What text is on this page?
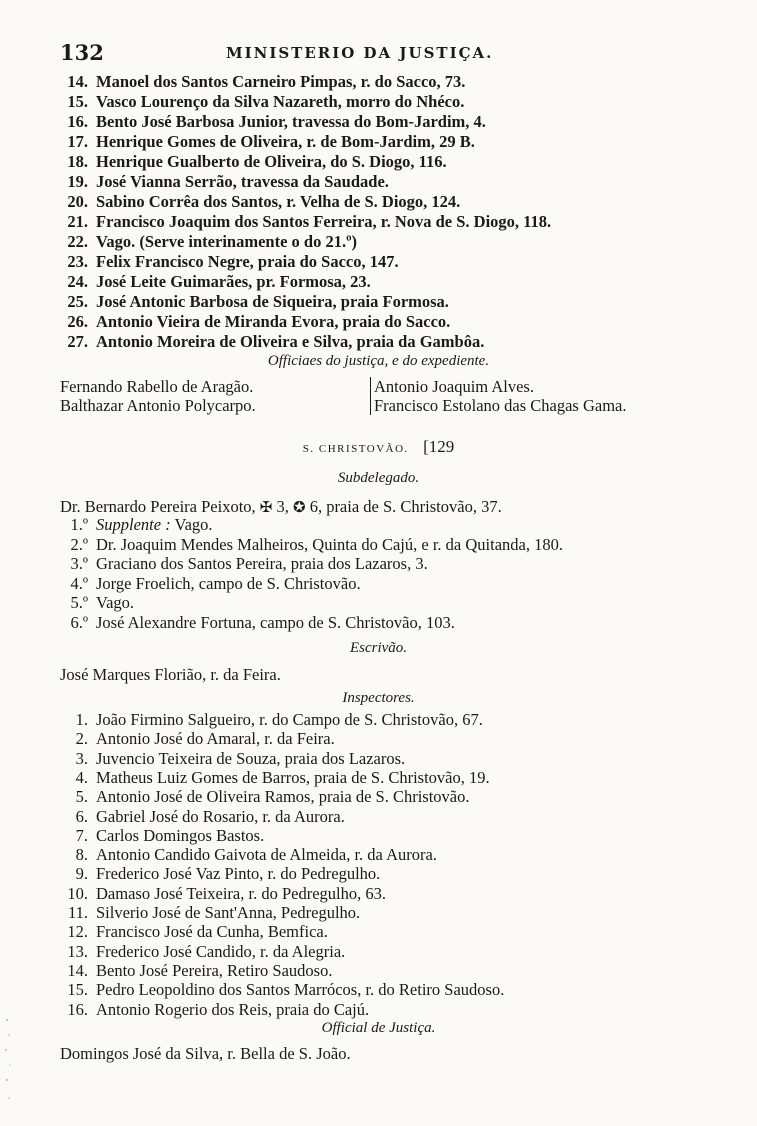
132	MINISTERIO DA JUSTIÇA.
14. Manoel dos Santos Carneiro Pimpas, r. do Sacco, 73.
15. Vasco Lourenço da Silva Nazareth, morro do Nhéco.
16. Bento José Barbosa Junior, travessa do Bom-Jardim, 4.
17. Henrique Gomes de Oliveira, r. de Bom-Jardim, 29 B.
18. Henrique Gualberto de Oliveira, do S. Diogo, 116.
19. José Vianna Serrão, travessa da Saudade.
20. Sabino Corrêa dos Santos, r. Velha de S. Diogo, 124.
21. Francisco Joaquim dos Santos Ferreira, r. Nova de S. Diogo, 118.
22. Vago. (Serve interinamente o do 21.º)
23. Felix Francisco Negre, praia do Sacco, 147.
24. José Leite Guimarães, pr. Formosa, 23.
25. José Antonic Barbosa de Siqueira, praia Formosa.
26. Antonio Vieira de Miranda Evora, praia do Sacco.
27. Antonio Moreira de Oliveira e Silva, praia da Gambôa.
Officiaes do justiça, e do expediente.
Fernando Rabello de Aragão.
Balthazar Antonio Polycarpo.
Antonio Joaquim Alves.
Francisco Estolano das Chagas Gama.
S. CHRISTOVÃO. [129
Subdelegado.
Dr. Bernardo Pereira Peixoto, ✠ 3, ✪ 6, praia de S. Christovão, 37.
1.º Supplente : Vago.
2.º Dr. Joaquim Mendes Malheiros, Quinta do Cajú, e r. da Quitanda, 180.
3.º Graciano dos Santos Pereira, praia dos Lazaros, 3.
4.º Jorge Froelich, campo de S. Christovão.
5.º Vago.
6.º José Alexandre Fortuna, campo de S. Christovão, 103.
Escrivão.
José Marques Florião, r. da Feira.
Inspectores.
1. João Firmino Salgueiro, r. do Campo de S. Christovão, 67.
2. Antonio José do Amaral, r. da Feira.
3. Juvencio Teixeira de Souza, praia dos Lazaros.
4. Matheus Luiz Gomes de Barros, praia de S. Christovão, 19.
5. Antonio José de Oliveira Ramos, praia de S. Christovão.
6. Gabriel José do Rosario, r. da Aurora.
7. Carlos Domingos Bastos.
8. Antonio Candido Gaivota de Almeida, r. da Aurora.
9. Frederico José Vaz Pinto, r. do Pedregulho.
10. Damaso José Teixeira, r. do Pedregulho, 63.
11. Silverio José de Sant'Anna, Pedregulho.
12. Francisco José da Cunha, Bemfica.
13. Frederico José Candido, r. da Alegria.
14. Bento José Pereira, Retiro Saudoso.
15. Pedro Leopoldino dos Santos Marrócos, r. do Retiro Saudoso.
16. Antonio Rogerio dos Reis, praia do Cajú.
Official de Justiça.
Domingos José da Silva, r. Bella de S. João.
